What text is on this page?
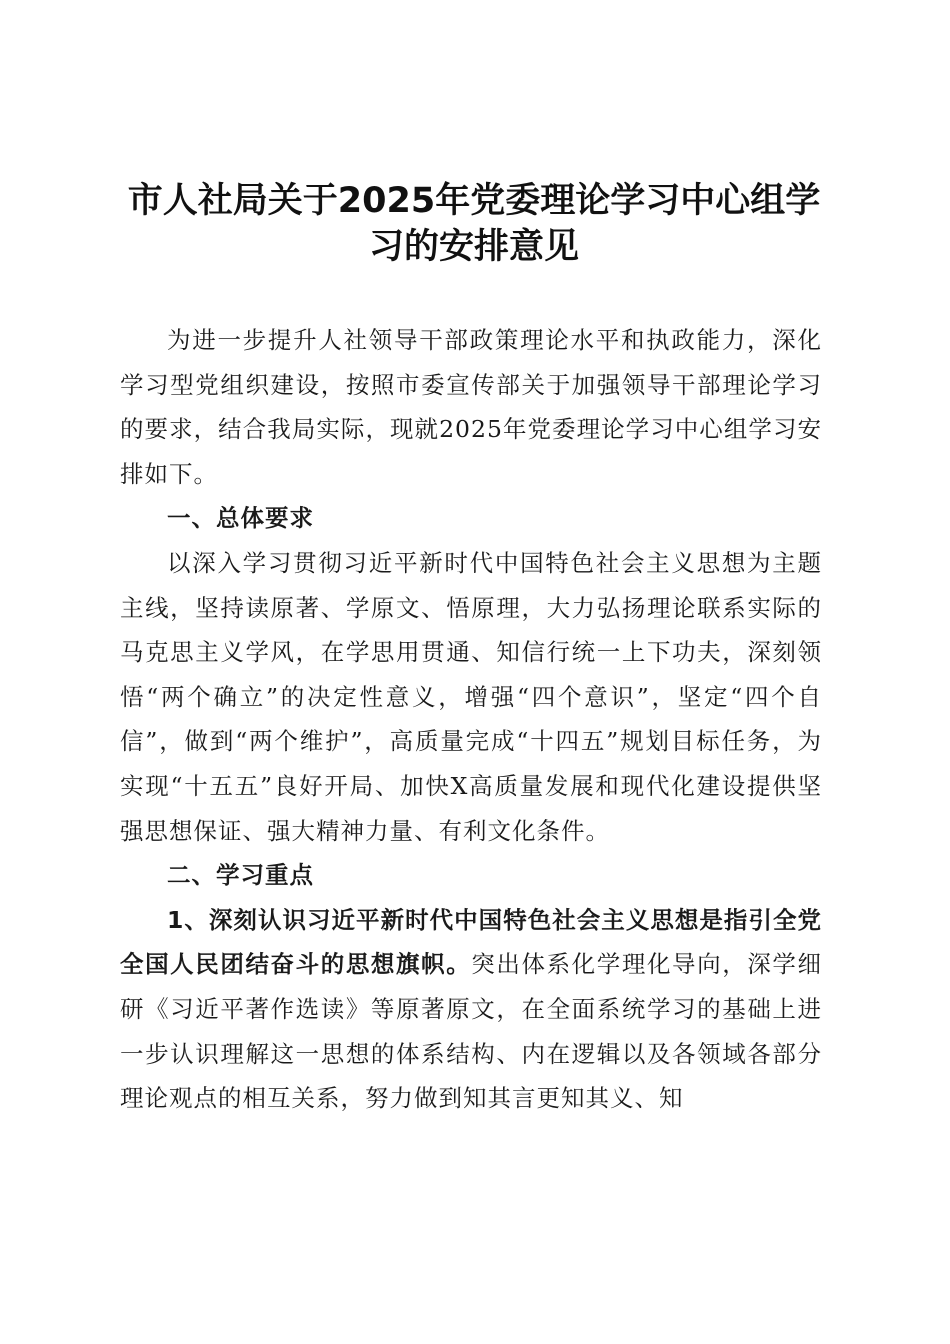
市人社局关于2025年党委理论学习中心组学习的安排意见

为进一步提升人社领导干部政策理论水平和执政能力，深化学习型党组织建设，按照市委宣传部关于加强领导干部理论学习的要求，结合我局实际，现就2025年党委理论学习中心组学习安排如下。

一、总体要求

以深入学习贯彻习近平新时代中国特色社会主义思想为主题主线，坚持读原著、学原文、悟原理，大力弘扬理论联系实际的马克思主义学风，在学思用贯通、知信行统一上下功夫，深刻领悟“两个确立”的决定性意义，增强“四个意识”，坚定“四个自信”，做到“两个维护”，高质量完成“十四五”规划目标任务，为实现“十五五”良好开局、加快X高质量发展和现代化建设提供坚强思想保证、强大精神力量、有利文化条件。

二、学习重点

1、深刻认识习近平新时代中国特色社会主义思想是指引全党全国人民团结奋斗的思想旗帜。突出体系化学理化导向，深学细研《习近平著作选读》等原著原文，在全面系统学习的基础上进一步认识理解这一思想的体系结构、内在逻辑以及各领域各部分理论观点的相互关系，努力做到知其言更知其义、知
